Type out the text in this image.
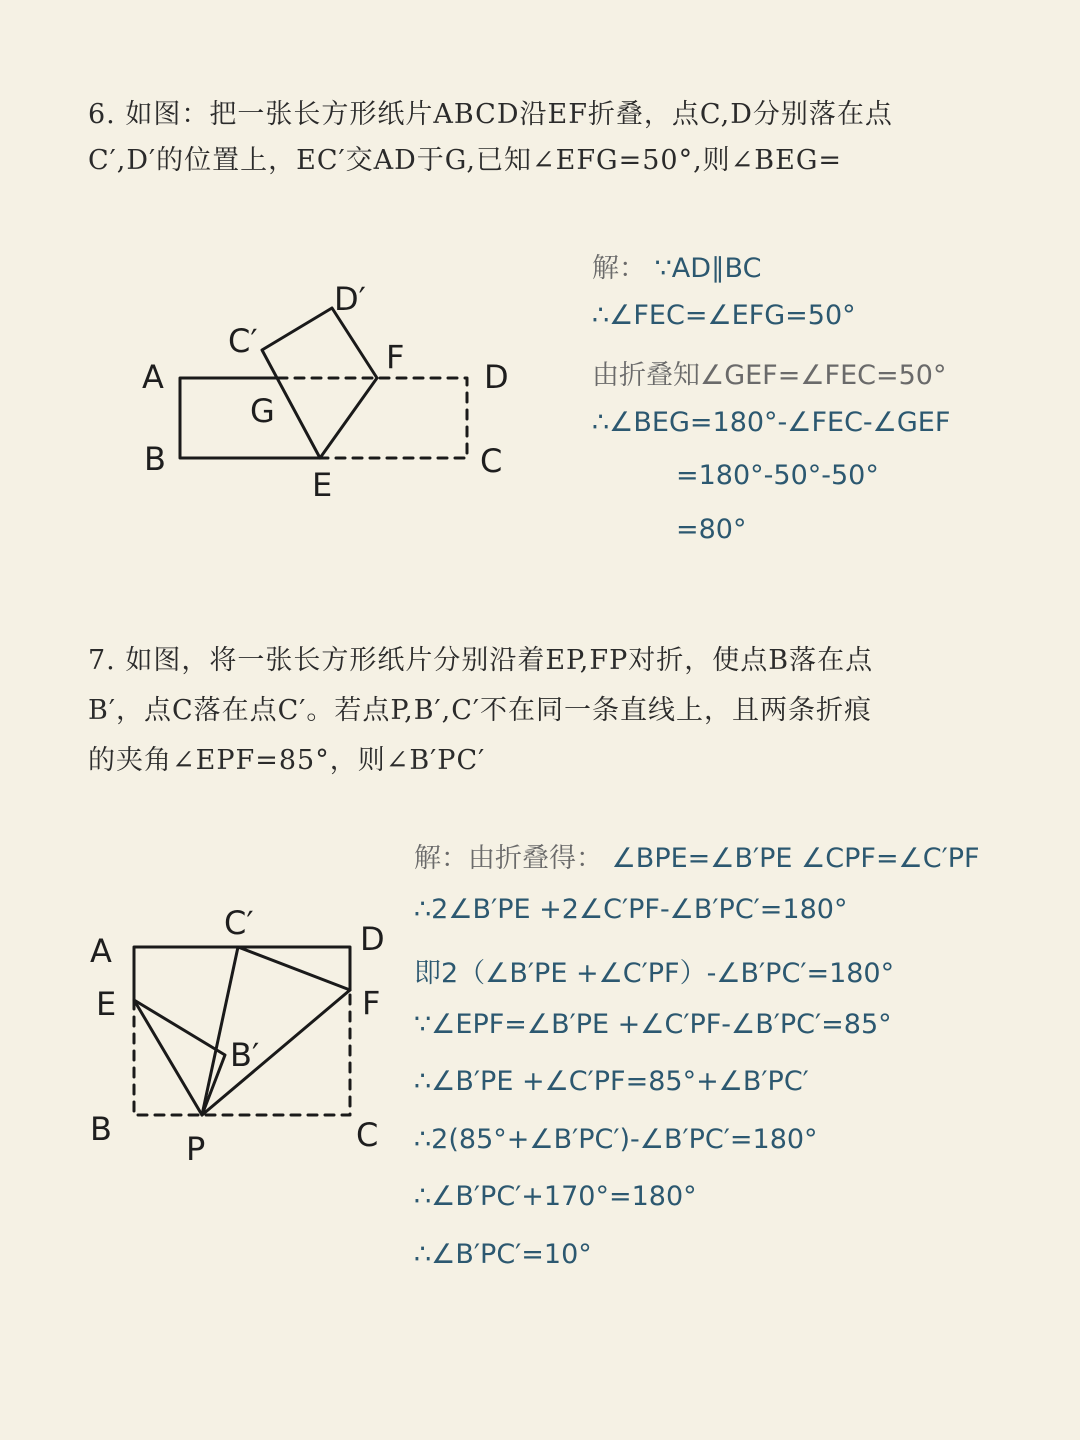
6. 如图：把一张长方形纸片ABCD沿EF折叠，点C,D分别落在点
C′,D′的位置上，EC′交AD于G,已知∠EFG=50°,则∠BEG=
A
B
E
C
D
F
G
C′
D′
解： ∵AD∥BC
∴∠FEC=∠EFG=50°
由折叠知∠GEF=∠FEC=50°
∴∠BEG=180°-∠FEC-∠GEF
=180°-50°-50°
=80°
7. 如图，将一张长方形纸片分别沿着EP,FP对折，使点B落在点
B′，点C落在点C′。若点P,B′,C′不在同一条直线上，且两条折痕
的夹角∠EPF=85°，则∠B′PC′
A
E
B
P	C
D
F
C′
B′
解：由折叠得： ∠BPE=∠B′PE ∠CPF=∠C′PF
∴2∠B′PE +2∠C′PF-∠B′PC′=180°
即2（∠B′PE +∠C′PF）-∠B′PC′=180°
∵∠EPF=∠B′PE +∠C′PF-∠B′PC′=85°
∴∠B′PE +∠C′PF=85°+∠B′PC′
∴2(85°+∠B′PC′)-∠B′PC′=180°
∴∠B′PC′+170°=180°
∴∠B′PC′=10°
